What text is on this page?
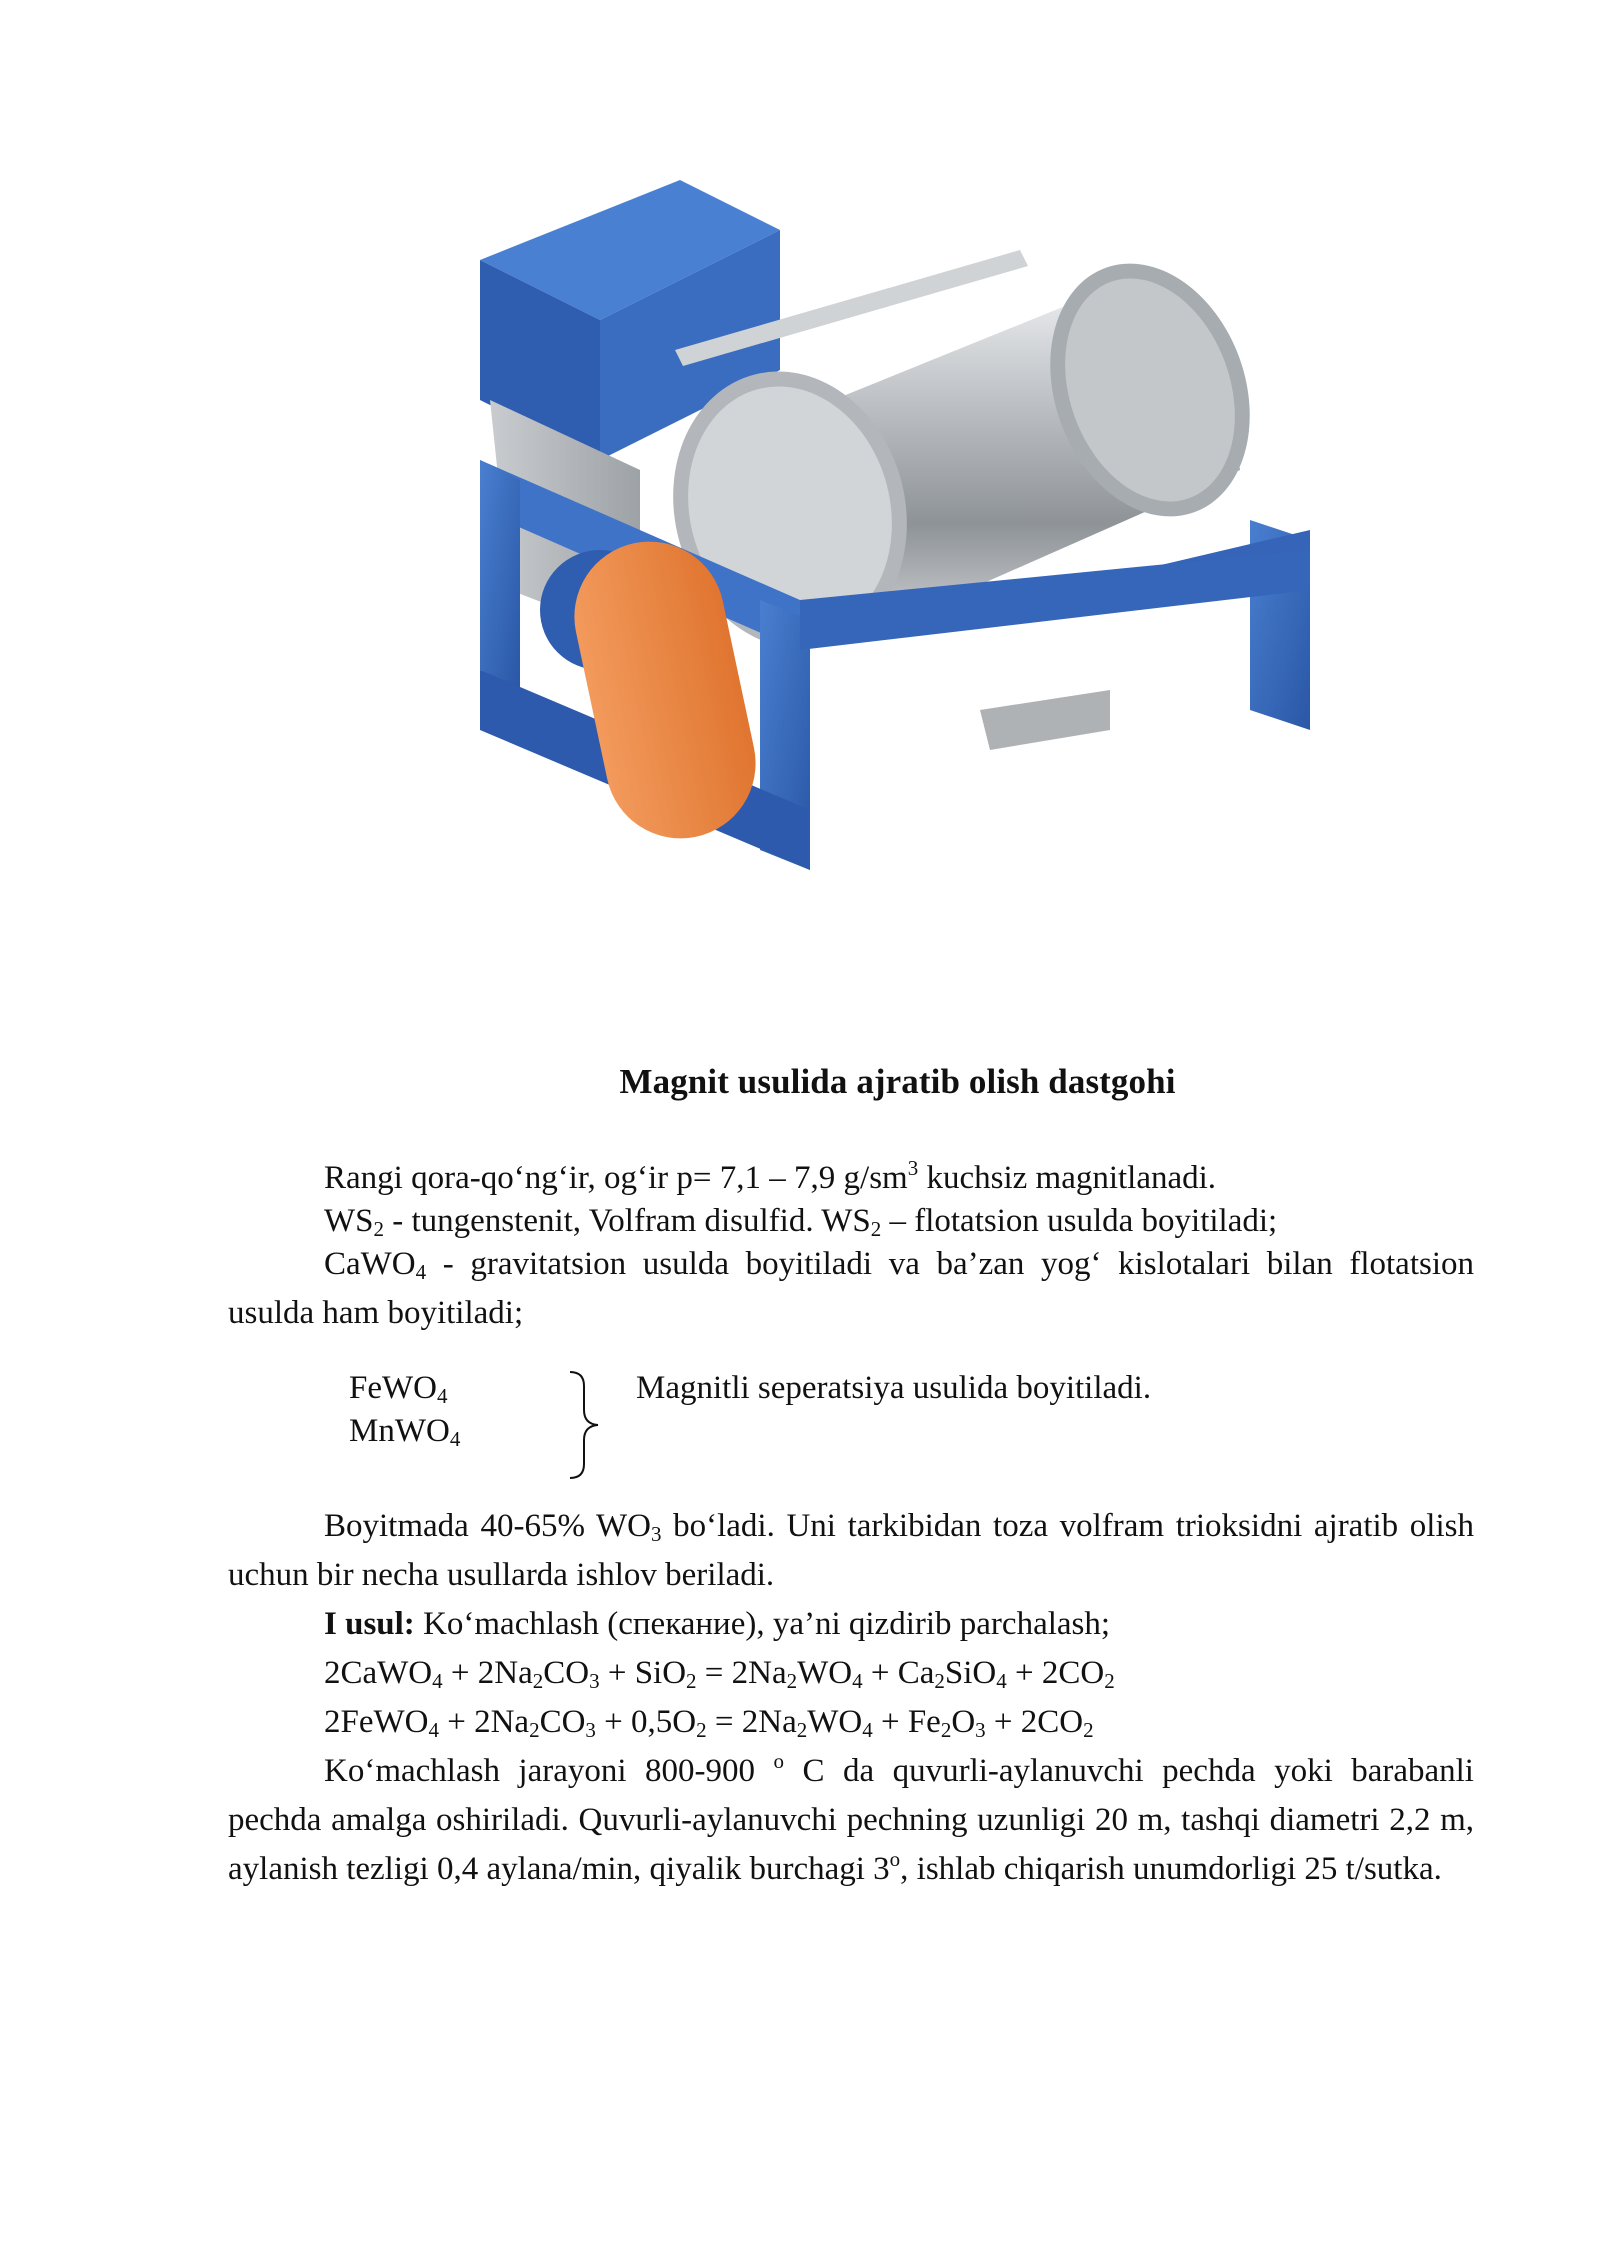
Magnit usulida ajratib olish dastgohi
Rangi qora-qo‘ng‘ir, og‘ir p= 7,1 – 7,9 $g/sm^3$ kuchsiz magnitlanadi.
$WS_2$ - tungenstenit, Volfram disulfid. $WS_2$ – flotatsion usulda boyitiladi;
CaWO$_4$ - gravitatsion usulda boyitiladi va ba’zan yog‘ kislotalari bilan flotatsion usulda ham boyitiladi;
FeWO$_4$
MnWO$_4$
Magnitli seperatsiya usulida boyitiladi.
Boyitmada 40-65% $WO_3$ bo‘ladi. Uni tarkibidan toza volfram trioksidni ajratib olish uchun bir necha usullarda ishlov beriladi.
I usul: Ko‘machlash (спекание), ya’ni qizdirib parchalash;
2CaWO$_4$ + $2Na_2CO_3 + SiO_2 = 2Na_2WO_4 + Ca_2SiO_4 + 2CO_2$
2FeWO$_4$ + $2Na_2CO_3 + 0,5O_2 = 2Na_2WO_4 + Fe_2O_3 + 2CO_2$
Ko‘machlash jarayoni 800-900 $^o$ C da quvurli-aylanuvchi pechda yoki barabanli pechda amalga oshiriladi. Quvurli-aylanuvchi pechning uzunligi 20 m, tashqi diametri 2,2 m, aylanish tezligi 0,4 aylana/min, qiyalik burchagi 3$^o$, ishlab chiqarish unumdorligi 25 t/sutka.
